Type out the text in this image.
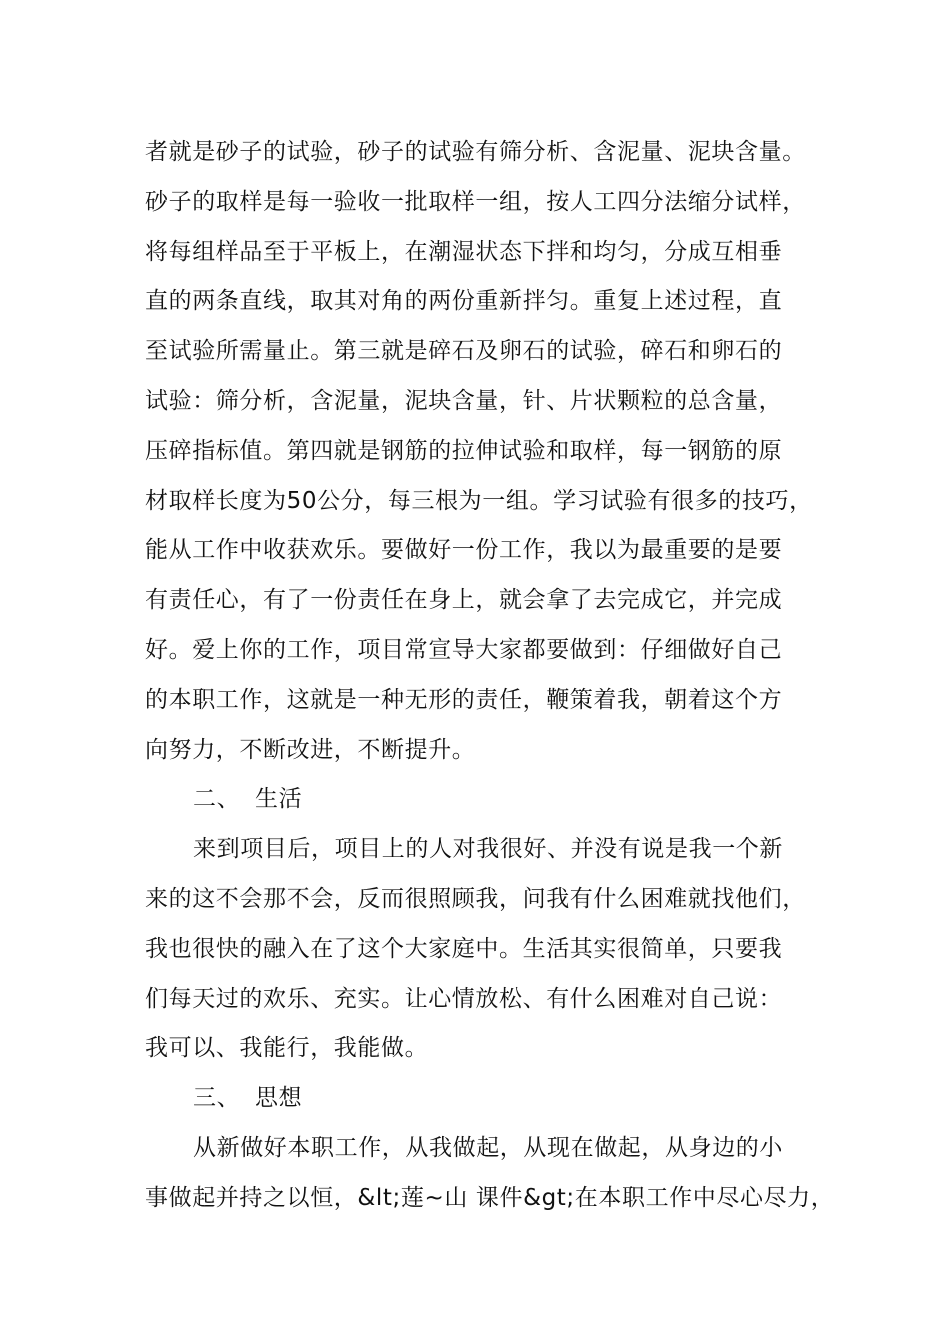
者就是砂子的试验，砂子的试验有筛分析、含泥量、泥块含量。
砂子的取样是每一验收一批取样一组，按人工四分法缩分试样，
将每组样品至于平板上，在潮湿状态下拌和均匀，分成互相垂
直的两条直线，取其对角的两份重新拌匀。重复上述过程，直
至试验所需量止。第三就是碎石及卵石的试验，碎石和卵石的
试验：筛分析，含泥量，泥块含量，针、片状颗粒的总含量，
压碎指标值。第四就是钢筋的拉伸试验和取样，每一钢筋的原
材取样长度为50公分，每三根为一组。学习试验有很多的技巧，
能从工作中收获欢乐。要做好一份工作，我以为最重要的是要
有责任心，有了一份责任在身上，就会拿了去完成它，并完成
好。爱上你的工作，项目常宣导大家都要做到：仔细做好自己
的本职工作，这就是一种无形的责任，鞭策着我，朝着这个方
向努力，不断改进，不断提升。
二、 生活
来到项目后，项目上的人对我很好、并没有说是我一个新
来的这不会那不会，反而很照顾我，问我有什么困难就找他们，
我也很快的融入在了这个大家庭中。生活其实很简单，只要我
们每天过的欢乐、充实。让心情放松、有什么困难对自己说：
我可以、我能行，我能做。
三、 思想
从新做好本职工作，从我做起，从现在做起，从身边的小
事做起并持之以恒，&lt;莲~山 课件&gt;在本职工作中尽心尽力，
